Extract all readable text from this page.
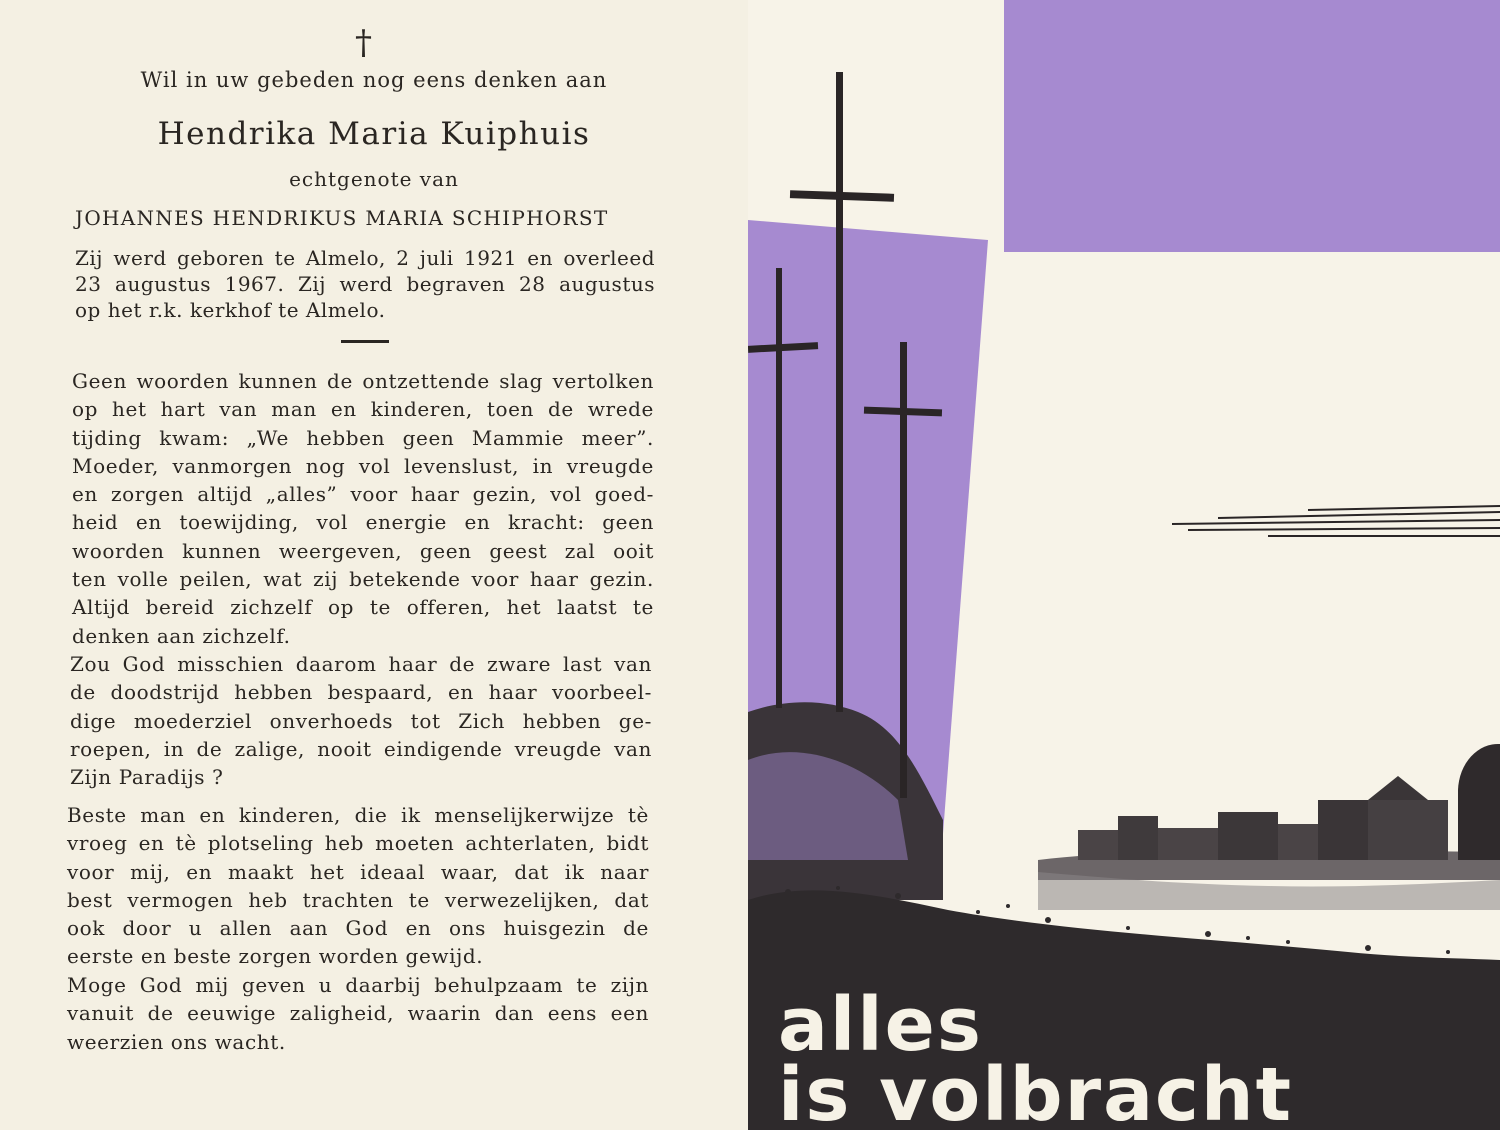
†
Wil in uw gebeden nog eens denken aan
Hendrika Maria Kuiphuis
echtgenote van
JOHANNES HENDRIKUS MARIA SCHIPHORST
Zij werd geboren te Almelo, 2 juli 1921 en overleed
23 augustus 1967. Zij werd begraven 28 augustus
op het r.k. kerkhof te Almelo.
Geen woorden kunnen de ontzettende slag vertolken
op het hart van man en kinderen, toen de wrede
tijding kwam: „We hebben geen Mammie meer”.
Moeder, vanmorgen nog vol levenslust, in vreugde
en zorgen altijd „alles” voor haar gezin, vol goed-
heid en toewijding, vol energie en kracht: geen
woorden kunnen weergeven, geen geest zal ooit
ten volle peilen, wat zij betekende voor haar gezin.
Altijd bereid zichzelf op te offeren, het laatst te
denken aan zichzelf.
Zou God misschien daarom haar de zware last van
de doodstrijd hebben bespaard, en haar voorbeel-
dige moederziel onverhoeds tot Zich hebben ge-
roepen, in de zalige, nooit eindigende vreugde van
Zijn Paradijs ?
Beste man en kinderen, die ik menselijkerwijze tè
vroeg en tè plotseling heb moeten achterlaten, bidt
voor mij, en maakt het ideaal waar, dat ik naar
best vermogen heb trachten te verwezelijken, dat
ook door u allen aan God en ons huisgezin de
eerste en beste zorgen worden gewijd.
Moge God mij geven u daarbij behulpzaam te zijn
vanuit de eeuwige zaligheid, waarin dan eens een
weerzien ons wacht.	alles
is volbracht
